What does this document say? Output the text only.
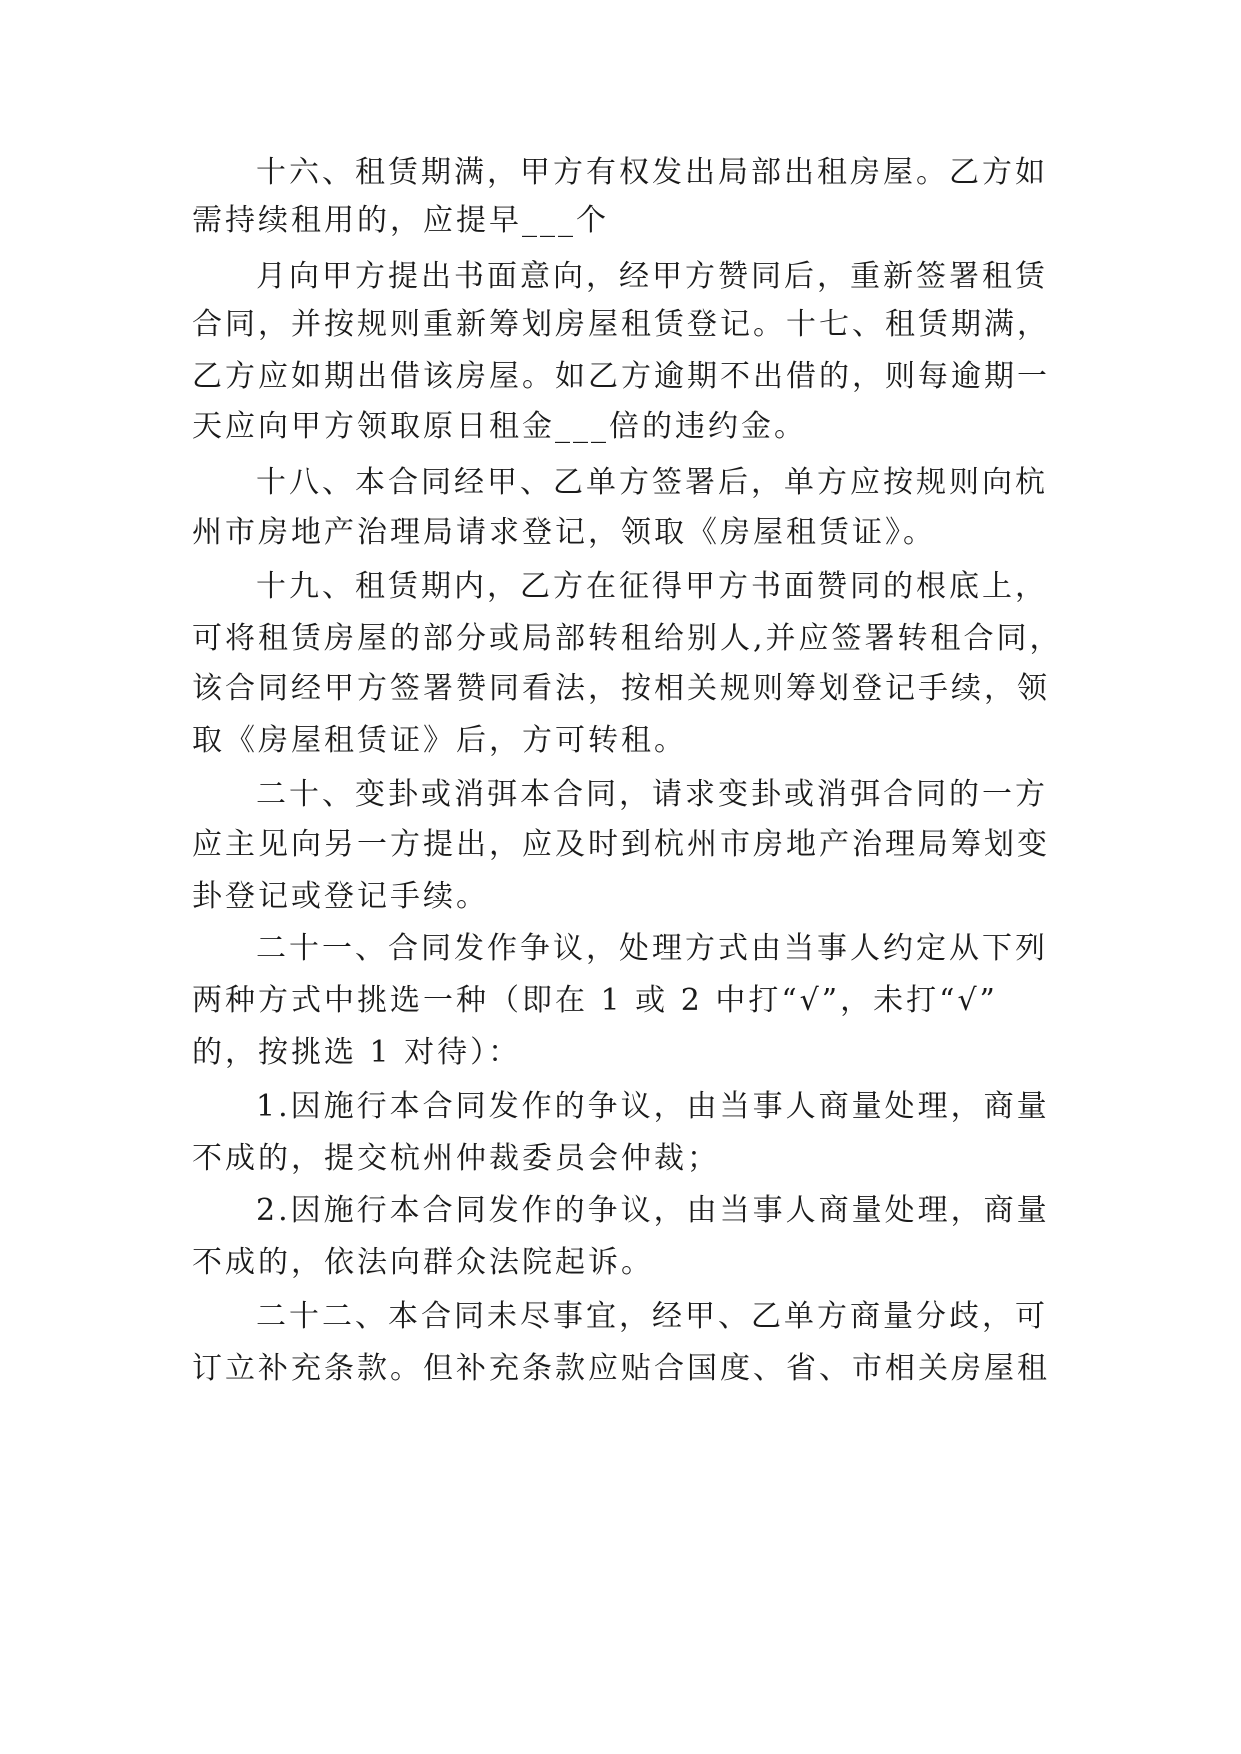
十六、租赁期满，甲方有权发出局部出租房屋。乙方如
需持续租用的，应提早___个
月向甲方提出书面意向，经甲方赞同后，重新签署租赁
合同，并按规则重新筹划房屋租赁登记。十七、租赁期满，
乙方应如期出借该房屋。如乙方逾期不出借的，则每逾期一
天应向甲方领取原日租金___倍的违约金。
十八、本合同经甲、乙单方签署后，单方应按规则向杭
州市房地产治理局请求登记，领取《房屋租赁证》。
十九、租赁期内，乙方在征得甲方书面赞同的根底上，
可将租赁房屋的部分或局部转租给别人,并应签署转租合同，
该合同经甲方签署赞同看法，按相关规则筹划登记手续，领
取《房屋租赁证》后，方可转租。
二十、变卦或消弭本合同，请求变卦或消弭合同的一方
应主见向另一方提出，应及时到杭州市房地产治理局筹划变
卦登记或登记手续。
二十一、合同发作争议，处理方式由当事人约定从下列
两种方式中挑选一种（即在 1 或 2 中打“√”，未打“√”
的，按挑选 1 对待）：
1.因施行本合同发作的争议，由当事人商量处理，商量
不成的，提交杭州仲裁委员会仲裁；
2.因施行本合同发作的争议，由当事人商量处理，商量
不成的，依法向群众法院起诉。
二十二、本合同未尽事宜，经甲、乙单方商量分歧，可
订立补充条款。但补充条款应贴合国度、省、市相关房屋租
